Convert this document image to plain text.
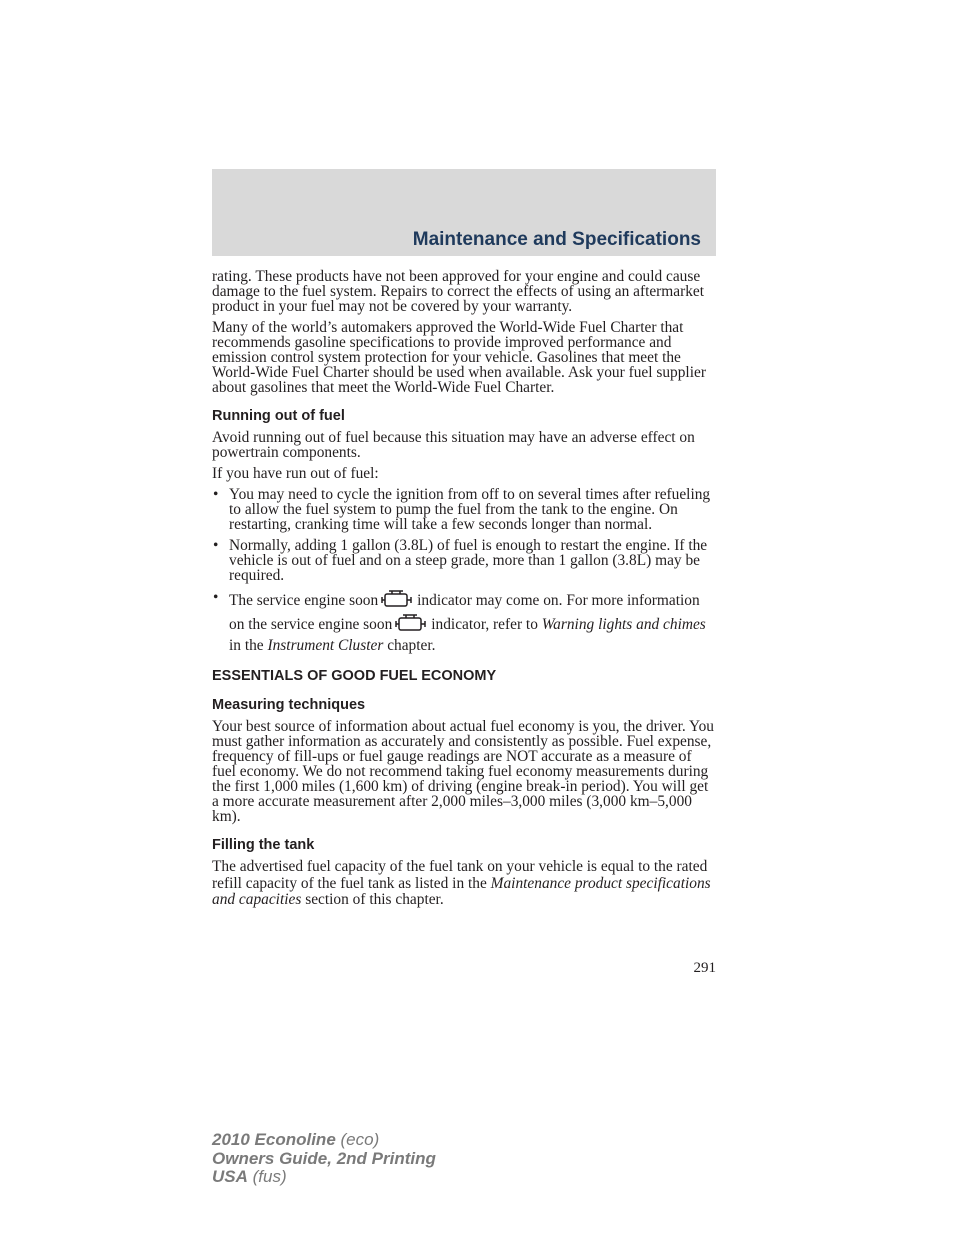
Maintenance and Specifications

rating. These products have not been approved for your engine and could cause damage to the fuel system. Repairs to correct the effects of using an aftermarket product in your fuel may not be covered by your warranty.

Many of the world’s automakers approved the World-Wide Fuel Charter that recommends gasoline specifications to provide improved performance and emission control system protection for your vehicle. Gasolines that meet the World-Wide Fuel Charter should be used when available. Ask your fuel supplier about gasolines that meet the World-Wide Fuel Charter.

Running out of fuel

Avoid running out of fuel because this situation may have an adverse effect on powertrain components.

If you have run out of fuel:

• You may need to cycle the ignition from off to on several times after refueling to allow the fuel system to pump the fuel from the tank to the engine. On restarting, cranking time will take a few seconds longer than normal.
• Normally, adding 1 gallon (3.8L) of fuel is enough to restart the engine. If the vehicle is out of fuel and on a steep grade, more than 1 gallon (3.8L) may be required.
• The service engine soon	indicator may come on. For more information on the service engine soon	indicator, refer to Warning lights and chimes in the Instrument Cluster chapter.
ESSENTIALS OF GOOD FUEL ECONOMY
Measuring techniques

Your best source of information about actual fuel economy is you, the driver. You must gather information as accurately and consistently as possible. Fuel expense, frequency of fill-ups or fuel gauge readings are NOT accurate as a measure of fuel economy. We do not recommend taking fuel economy measurements during the first 1,000 miles (1,600 km) of driving (engine break-in period). You will get a more accurate measurement after 2,000 miles–3,000 miles (3,000 km–5,000 km).

Filling the tank

The advertised fuel capacity of the fuel tank on your vehicle is equal to the rated refill capacity of the fuel tank as listed in the Maintenance product specifications and capacities section of this chapter.

291
2010 Econoline (eco)
Owners Guide, 2nd Printing
USA (fus)
